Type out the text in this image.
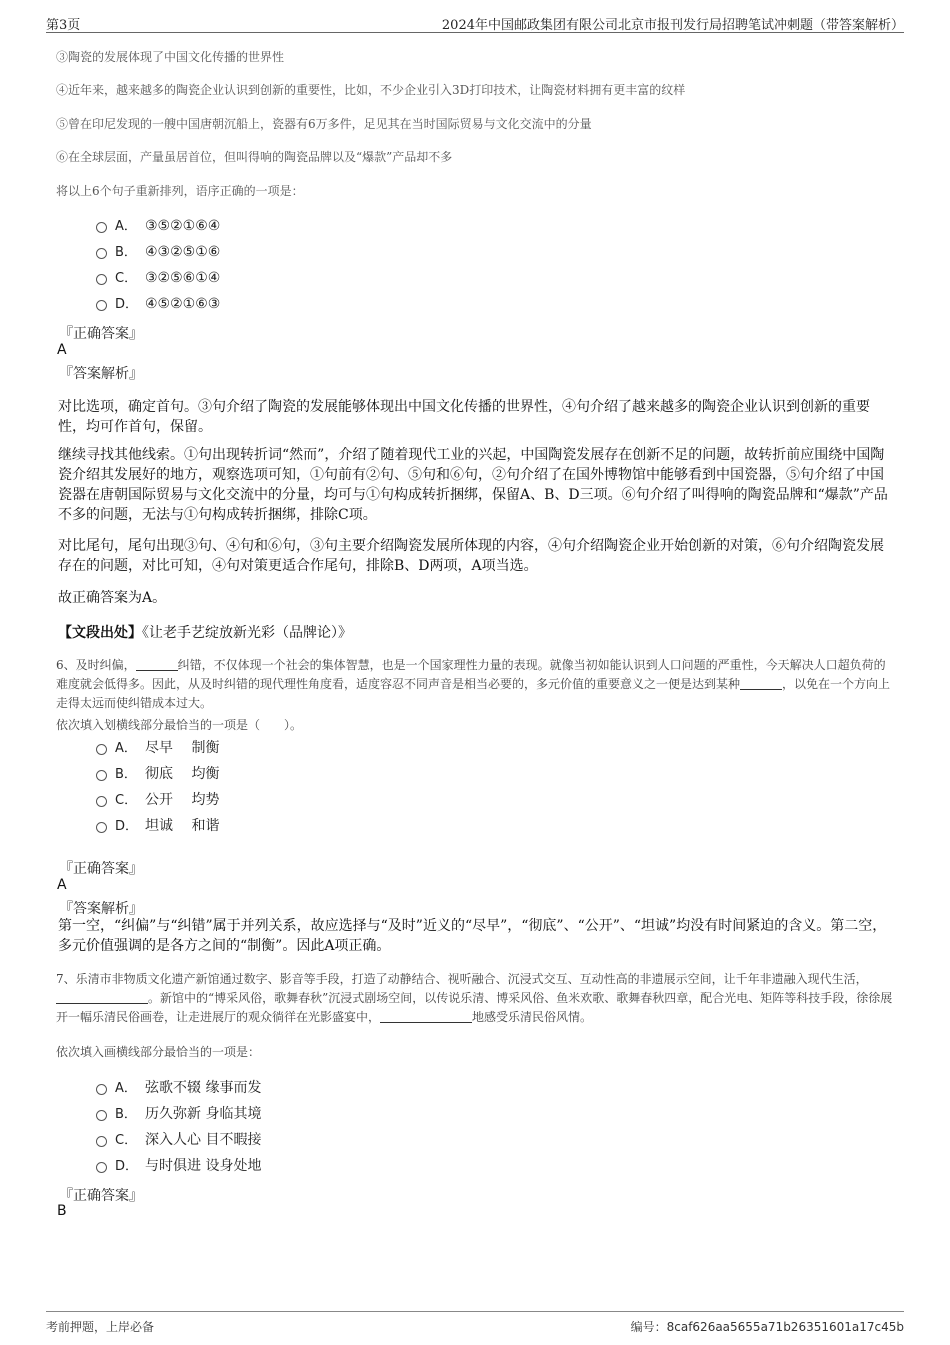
第3页	2024年中国邮政集团有限公司北京市报刊发行局招聘笔试冲刺题（带答案解析）
③陶瓷的发展体现了中国文化传播的世界性
④近年来，越来越多的陶瓷企业认识到创新的重要性，比如，不少企业引入3D打印技术，让陶瓷材料拥有更丰富的纹样
⑤曾在印尼发现的一艘中国唐朝沉船上，瓷器有6万多件，足见其在当时国际贸易与文化交流中的分量
⑥在全球层面，产量虽居首位，但叫得响的陶瓷品牌以及“爆款”产品却不多
将以上6个句子重新排列，语序正确的一项是：
A． ③⑤②①⑥④
B． ④③②⑤①⑥
C． ③②⑤⑥①④
D． ④⑤②①⑥③
『正确答案』
A
『答案解析』
对比选项，确定首句。③句介绍了陶瓷的发展能够体现出中国文化传播的世界性，④句介绍了越来越多的陶瓷企业认识到创新的重要性，均可作首句，保留。
继续寻找其他线索。①句出现转折词“然而”，介绍了随着现代工业的兴起，中国陶瓷发展存在创新不足的问题，故转折前应围绕中国陶瓷介绍其发展好的地方，观察选项可知，①句前有②句、⑤句和⑥句，②句介绍了在国外博物馆中能够看到中国瓷器，⑤句介绍了中国瓷器在唐朝国际贸易与文化交流中的分量，均可与①句构成转折捆绑，保留A、B、D三项。⑥句介绍了叫得响的陶瓷品牌和“爆款”产品不多的问题，无法与①句构成转折捆绑，排除C项。
对比尾句，尾句出现③句、④句和⑥句，③句主要介绍陶瓷发展所体现的内容，④句介绍陶瓷企业开始创新的对策，⑥句介绍陶瓷发展存在的问题，对比可知，④句对策更适合作尾句，排除B、D两项，A项当选。
故正确答案为A。
【文段出处】《让老手艺绽放新光彩（品牌论）》
6、及时纠偏，	纠错，不仅体现一个社会的集体智慧，也是一个国家理性力量的表现。就像当初如能认识到人口问题的严重性，今天解决人口超负荷的难度就会低得多。因此，从及时纠错的现代理性角度看，适度容忍不同声音是相当必要的，多元价值的重要意义之一便是达到某种	，以免在一个方向上走得太远而使纠错成本过大。
依次填入划横线部分最恰当的一项是（　　）。
A． 尽早　 制衡
B． 彻底　 均衡
C． 公开　 均势
D． 坦诚　 和谐
『正确答案』
A
『答案解析』
第一空，“纠偏”与“纠错”属于并列关系，故应选择与“及时”近义的“尽早”，“彻底”、“公开”、“坦诚”均没有时间紧迫的含义。第二空，多元价值强调的是各方之间的“制衡”。因此A项正确。
7、乐清市非物质文化遗产新馆通过数字、影音等手段，打造了动静结合、视听融合、沉浸式交互、互动性高的非遗展示空间，让千年非遗融入现代生活，。新馆中的“博采风俗，歌舞春秋”沉浸式剧场空间，以传说乐清、博采风俗、鱼米欢歌、歌舞春秋四章，配合光电、矩阵等科技手段，徐徐展开一幅乐清民俗画卷，让走进展厅的观众徜徉在光影盛宴中，	地感受乐清民俗风情。
依次填入画横线部分最恰当的一项是：
A． 弦歌不辍 缘事而发
B． 历久弥新 身临其境
C． 深入人心 目不暇接
D． 与时俱进 设身处地
『正确答案』
B
考前押题，上岸必备	编号：8caf626aa5655a71b26351601a17c45b
